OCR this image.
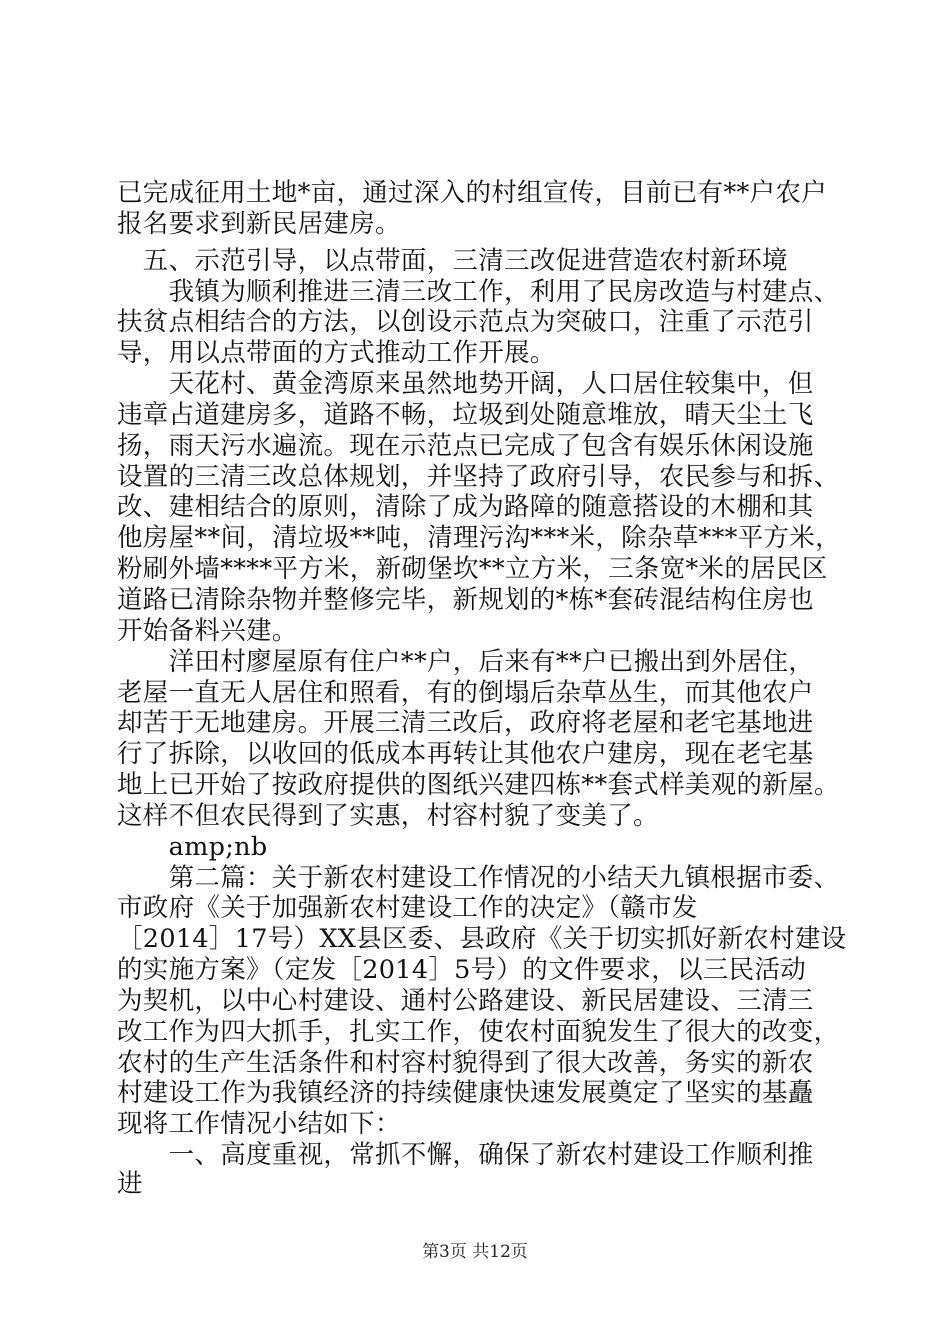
已完成征用土地*亩，通过深入的村组宣传，目前已有**户农户
报名要求到新民居建房。
　五、示范引导，以点带面，三清三改促进营造农村新环境
　　我镇为顺利推进三清三改工作，利用了民房改造与村建点、
扶贫点相结合的方法，以创设示范点为突破口，注重了示范引
导，用以点带面的方式推动工作开展。
　　天花村、黄金湾原来虽然地势开阔，人口居住较集中，但
违章占道建房多，道路不畅，垃圾到处随意堆放，晴天尘土飞
扬，雨天污水遍流。现在示范点已完成了包含有娱乐休闲设施
设置的三清三改总体规划，并坚持了政府引导，农民参与和拆、
改、建相结合的原则，清除了成为路障的随意搭设的木棚和其
他房屋**间，清垃圾**吨，清理污沟***米，除杂草***平方米，
粉刷外墙****平方米，新砌堡坎**立方米，三条宽*米的居民区
道路已清除杂物并整修完毕，新规划的*栋*套砖混结构住房也
开始备料兴建。
　　洋田村廖屋原有住户**户，后来有**户已搬出到外居住，
老屋一直无人居住和照看，有的倒塌后杂草丛生，而其他农户
却苦于无地建房。开展三清三改后，政府将老屋和老宅基地进
行了拆除，以收回的低成本再转让其他农户建房，现在老宅基
地上已开始了按政府提供的图纸兴建四栋**套式样美观的新屋。
这样不但农民得到了实惠，村容村貌了变美了。
　　amp;nb
　　第二篇：关于新农村建设工作情况的小结天九镇根据市委、
市政府《关于加强新农村建设工作的决定》（赣市发
［2014］17号）XX县区委、县政府《关于切实抓好新农村建设
的实施方案》（定发［2014］5号）的文件要求，以三民活动
为契机，以中心村建设、通村公路建设、新民居建设、三清三
改工作为四大抓手，扎实工作，使农村面貌发生了很大的改变，
农村的生产生活条件和村容村貌得到了很大改善，务实的新农
村建设工作为我镇经济的持续健康快速发展奠定了坚实的基矗
第3页 共12页
现将工作情况小结如下：
　　一、高度重视，常抓不懈，确保了新农村建设工作顺利推
进
